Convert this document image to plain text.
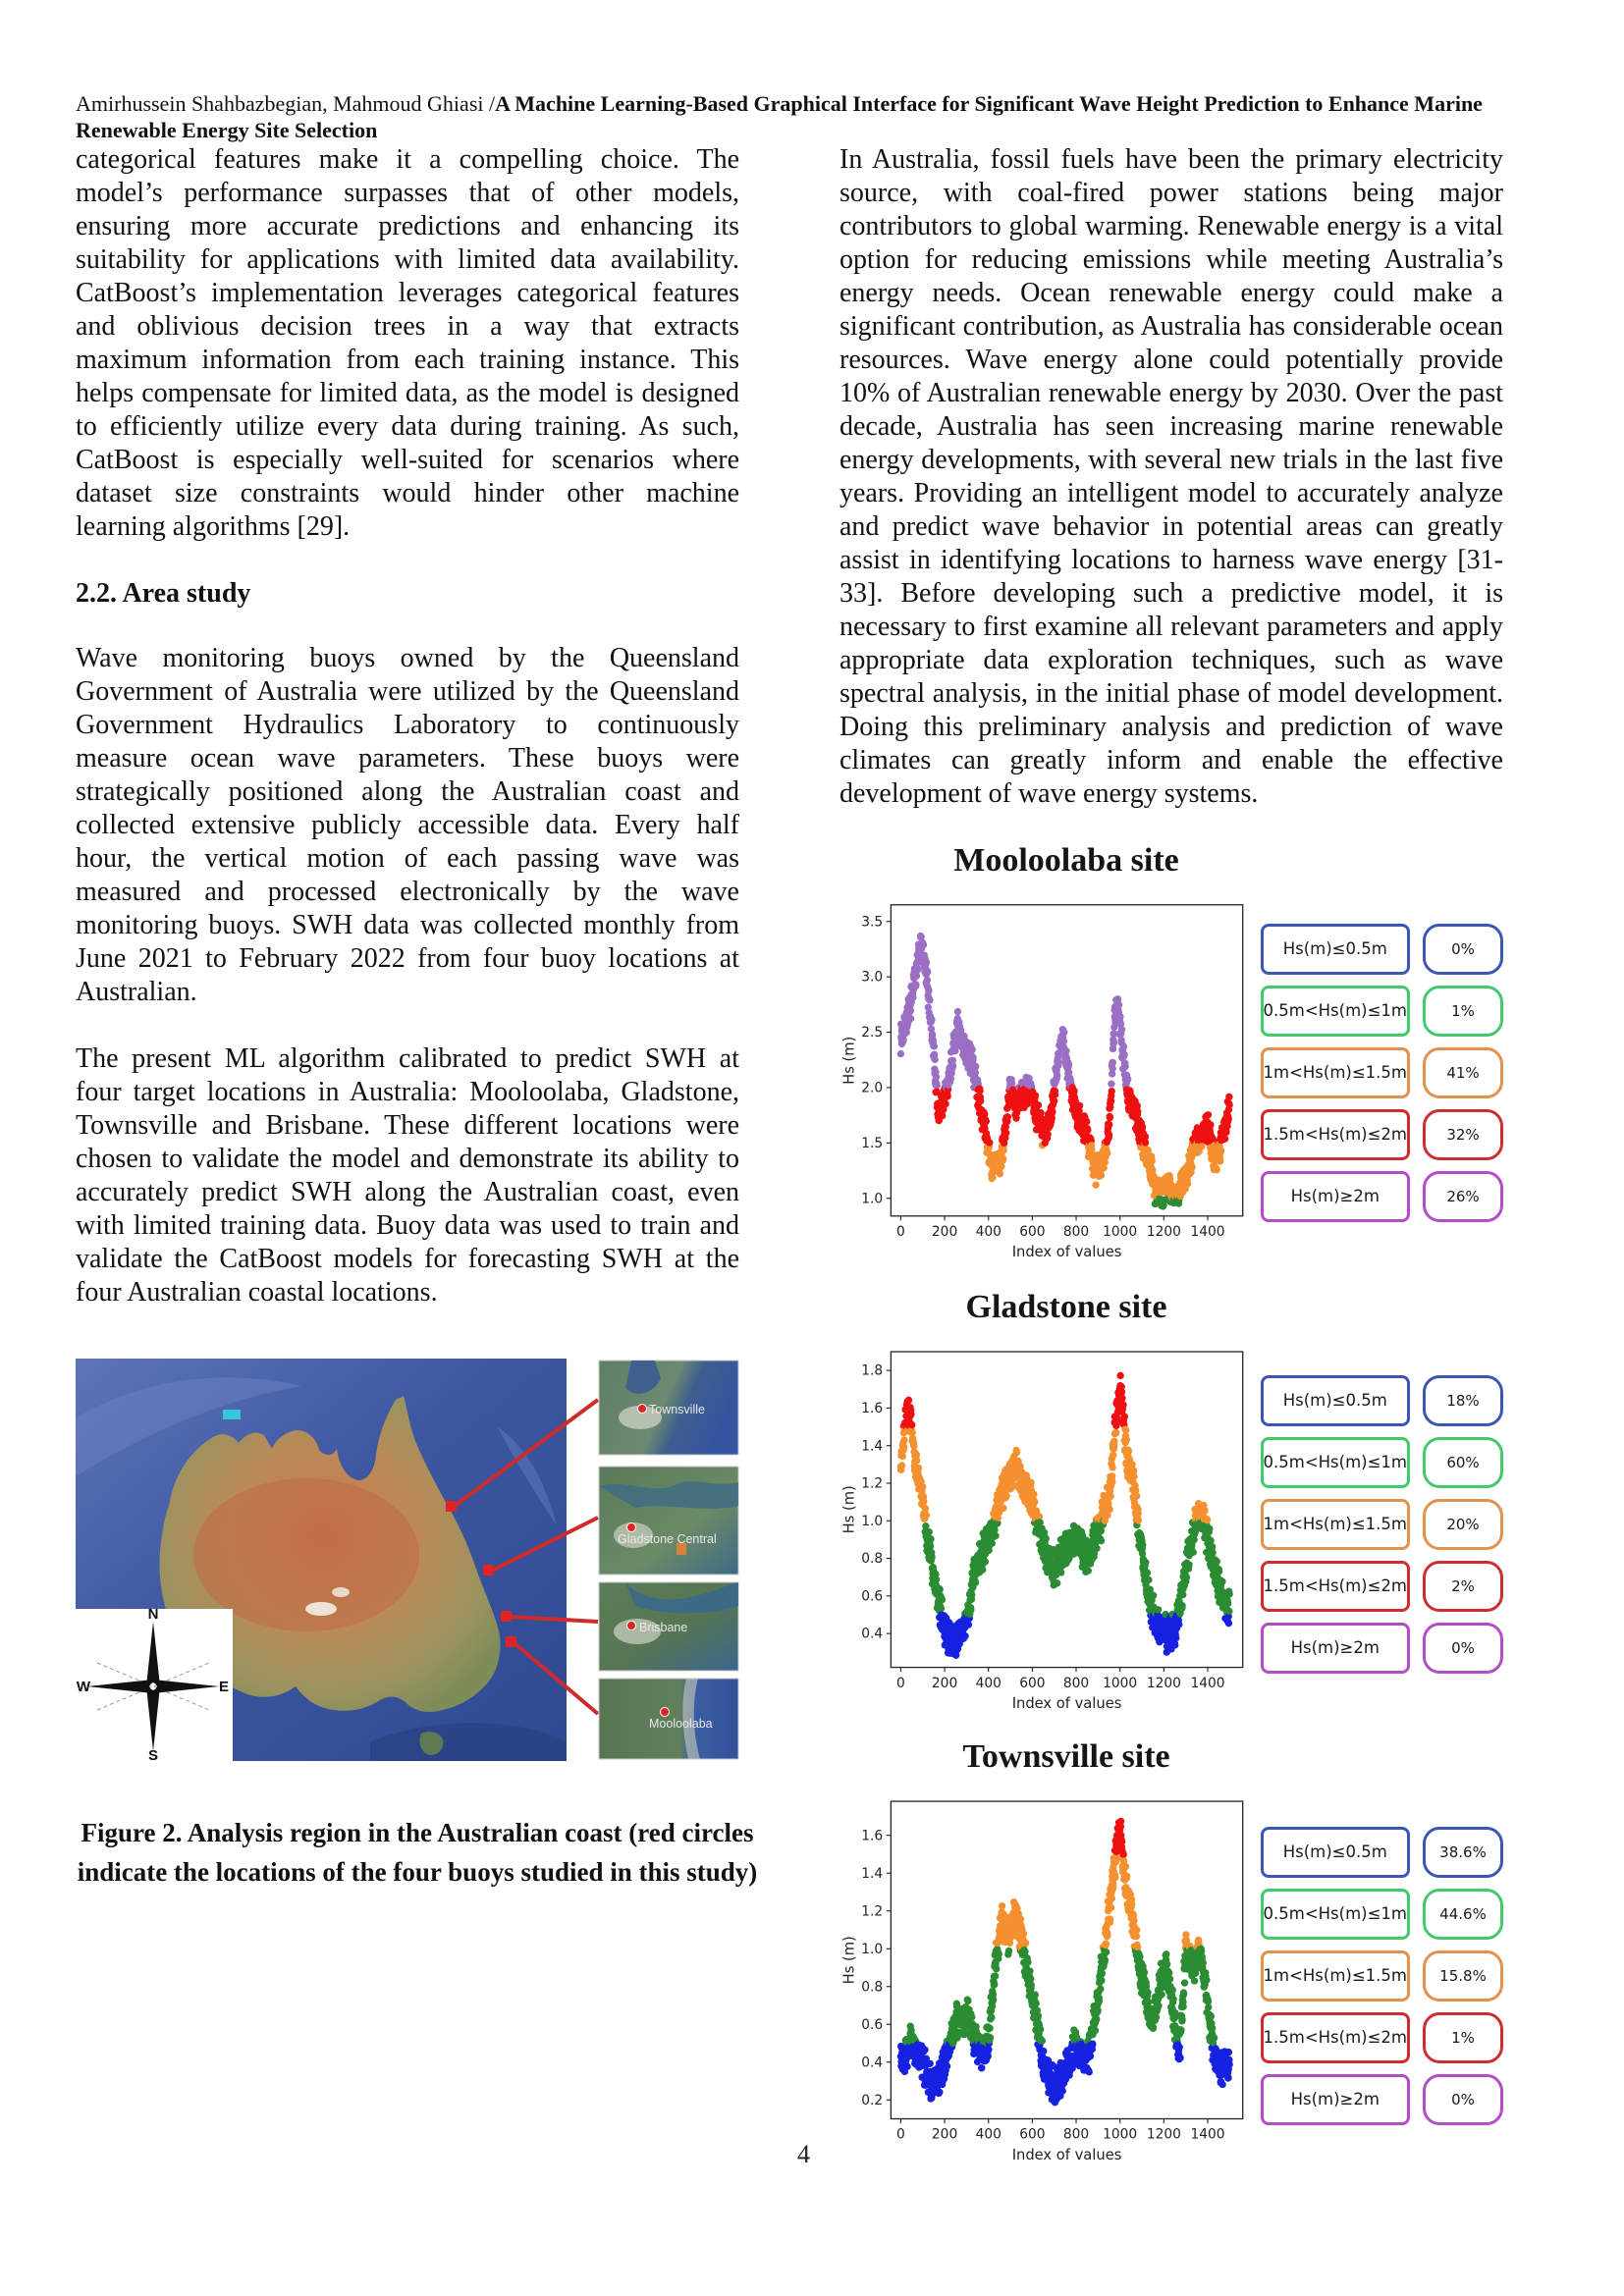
Amirhussein Shahbazbegian, Mahmoud Ghiasi /A Machine Learning-Based Graphical Interface for Significant Wave Height Prediction to Enhance Marine Renewable Energy Site Selection

categorical features make it a compelling choice. The model’s performance surpasses that of other models, ensuring more accurate predictions and enhancing its suitability for applications with limited data availability. CatBoost’s implementation leverages categorical features and oblivious decision trees in a way that extracts maximum information from each training instance. This helps compensate for limited data, as the model is designed to efficiently utilize every data during training. As such, CatBoost is especially well-suited for scenarios where dataset size constraints would hinder other machine learning algorithms [29].

2.2. Area study

Wave monitoring buoys owned by the Queensland Government of Australia were utilized by the Queensland Government Hydraulics Laboratory to continuously measure ocean wave parameters. These buoys were strategically positioned along the Australian coast and collected extensive publicly accessible data. Every half hour, the vertical motion of each passing wave was measured and processed electronically by the wave monitoring buoys. SWH data was collected monthly from June 2021 to February 2022 from four buoy locations at Australian.

The present ML algorithm calibrated to predict SWH at four target locations in Australia: Mooloolaba, Gladstone, Townsville and Brisbane. These different locations were chosen to validate the model and demonstrate its ability to accurately predict SWH along the Australian coast, even with limited training data. Buoy data was used to train and validate the CatBoost models for forecasting SWH at the four Australian coastal locations.

N
S
W	E
Townsville
Gladstone Central
Brisbane
Mooloolaba
Figure 2. Analysis region in the Australian coast (red circles indicate the locations of the four buoys studied in this study)

In Australia, fossil fuels have been the primary electricity source, with coal-fired power stations being major contributors to global warming. Renewable energy is a vital option for reducing emissions while meeting Australia’s energy needs. Ocean renewable energy could make a significant contribution, as Australia has considerable ocean resources. Wave energy alone could potentially provide 10% of Australian renewable energy by 2030. Over the past decade, Australia has seen increasing marine renewable energy developments, with several new trials in the last five years. Providing an intelligent model to accurately analyze and predict wave behavior in potential areas can greatly assist in identifying locations to harness wave energy [31-33]. Before developing such a predictive model, it is necessary to first examine all relevant parameters and apply appropriate data exploration techniques, such as wave spectral analysis, in the initial phase of model development. Doing this preliminary analysis and prediction of wave climates can greatly inform and enable the effective development of wave energy systems.

Mooloolaba site
1.0
1.5
2.0
2.5
3.0
3.5
0 200 400 600 800 1000 1200 1400
Hs (m)
Index of values
Hs(m)≤0.5m	0%
0.5m<Hs(m)≤1m	1%
1m<Hs(m)≤1.5m	41%
1.5m<Hs(m)≤2m	32%
Hs(m)≥2m	26%
Gladstone site
0.4
0.6
0.8
1.0
1.2
1.4
1.6
1.8
0 200 400 600 800 1000 1200 1400
Hs (m)
Index of values
Hs(m)≤0.5m	18%
0.5m<Hs(m)≤1m	60%
1m<Hs(m)≤1.5m	20%
1.5m<Hs(m)≤2m	2%
Hs(m)≥2m	0%
Townsville site
0.2
0.4
0.6
0.8
1.0
1.2
1.4
1.6
0 200 400 600 800 1000 1200 1400
Hs (m)
Index of values
Hs(m)≤0.5m	38.6%
0.5m<Hs(m)≤1m	44.6%
1m<Hs(m)≤1.5m	15.8%
1.5m<Hs(m)≤2m	1%
Hs(m)≥2m	0%
4
